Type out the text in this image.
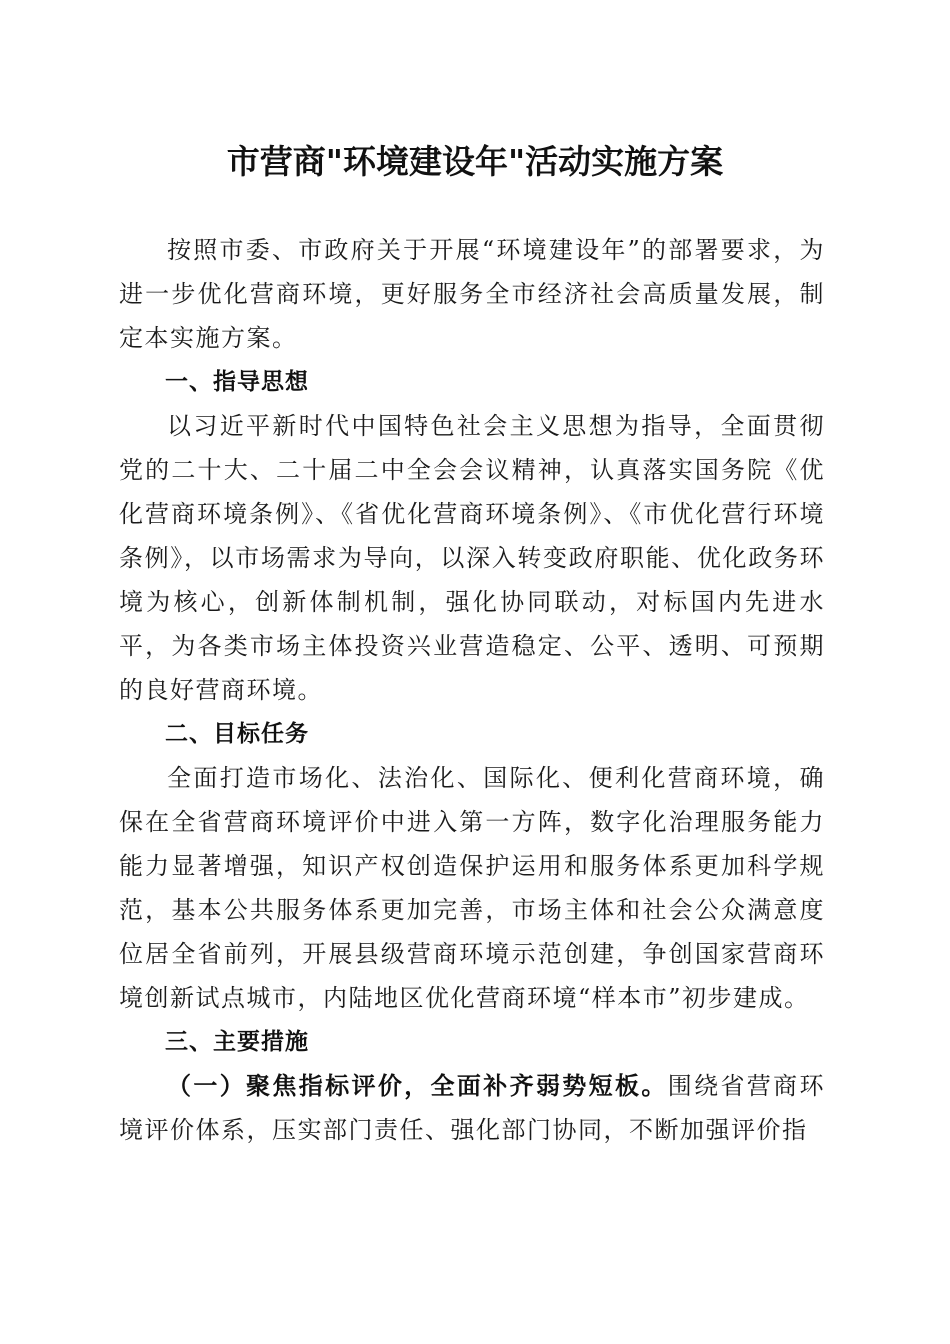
市营商"环境建设年"活动实施方案

按照市委、市政府关于开展“环境建设年”的部署要求，为进一步优化营商环境，更好服务全市经济社会高质量发展，制定本实施方案。

一、指导思想

以习近平新时代中国特色社会主义思想为指导，全面贯彻党的二十大、二十届二中全会会议精神，认真落实国务院《优化营商环境条例》、《省优化营商环境条例》、《市优化营行环境条例》，以市场需求为导向，以深入转变政府职能、优化政务环境为核心，创新体制机制，强化协同联动，对标国内先进水平，为各类市场主体投资兴业营造稳定、公平、透明、可预期的良好营商环境。

二、目标任务

全面打造市场化、法治化、国际化、便利化营商环境，确保在全省营商环境评价中进入第一方阵，数字化治理服务能力能力显著增强，知识产权创造保护运用和服务体系更加科学规范，基本公共服务体系更加完善，市场主体和社会公众满意度位居全省前列，开展县级营商环境示范创建，争创国家营商环境创新试点城市，内陆地区优化营商环境“样本市”初步建成。

三、主要措施

（一）聚焦指标评价，全面补齐弱势短板。围绕省营商环境评价体系，压实部门责任、强化部门协同，不断加强评价指
